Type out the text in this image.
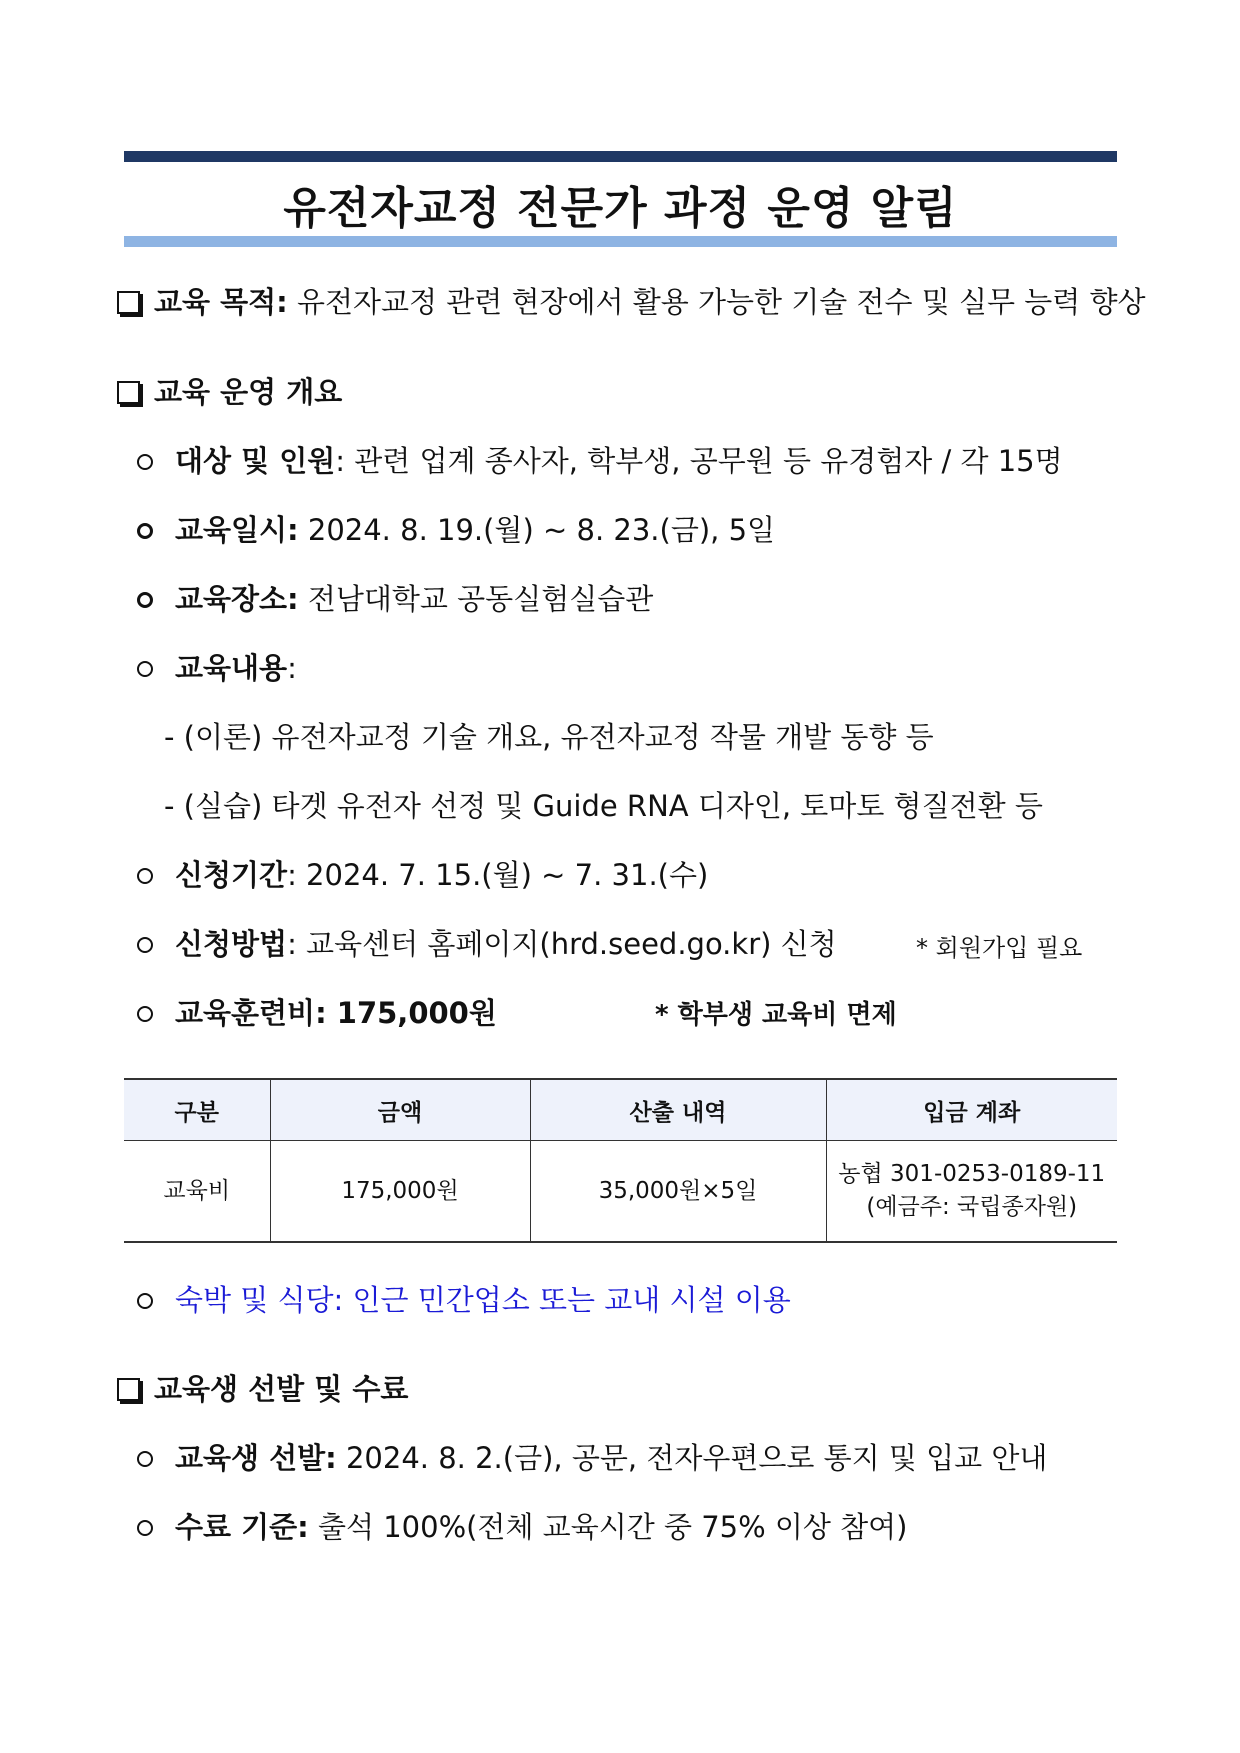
유전자교정 전문가 과정 운영 알림
교육 목적: 유전자교정 관련 현장에서 활용 가능한 기술 전수 및 실무 능력 향상
교육 운영 개요
대상 및 인원: 관련 업계 종사자, 학부생, 공무원 등 유경험자 / 각 15명
교육일시: 2024. 8. 19.(월) ~ 8. 23.(금), 5일
교육장소: 전남대학교 공동실험실습관
교육내용:
- (이론) 유전자교정 기술 개요, 유전자교정 작물 개발 동향 등
- (실습) 타겟 유전자 선정 및 Guide RNA 디자인, 토마토 형질전환 등
신청기간: 2024. 7. 15.(월) ~ 7. 31.(수)
신청방법: 교육센터 홈페이지(hrd.seed.go.kr) 신청	* 회원가입 필요
교육훈련비: 175,000원	* 학부생 교육비 면제
구분	금액	산출 내역	입금 계좌
교육비	175,000원	35,000원×5일	농협 301-0253-0189-11
(예금주: 국립종자원)
숙박 및 식당: 인근 민간업소 또는 교내 시설 이용
교육생 선발 및 수료
교육생 선발: 2024. 8. 2.(금), 공문, 전자우편으로 통지 및 입교 안내
수료 기준: 출석 100%(전체 교육시간 중 75% 이상 참여)
